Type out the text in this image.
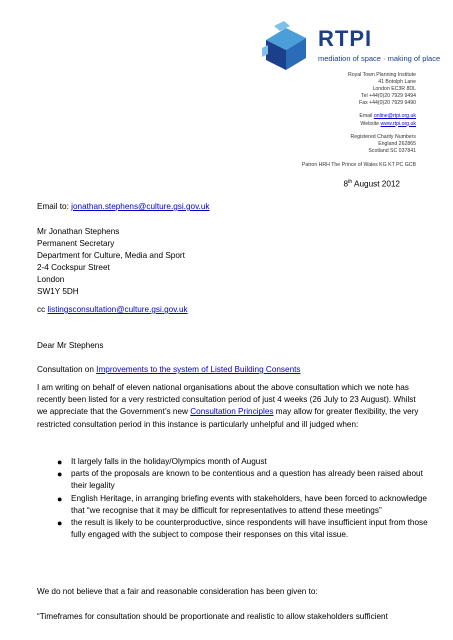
RTPI
mediation of space · making of place
Royal Town Planning Institute
41 Botolph Lane
London EC3R 8DL
Tel +44(0)20 7929 9494
Fax +44(0)20 7929 9490
Email online@rtpi.org.uk
Website www.rtpi.org.uk
Registered Charity Numbers
England 262865
Scotland SC 037841
Patron HRH The Prince of Wales KG KT PC GCB
8th August 2012
Email to: jonathan.stephens@culture.gsi.gov.uk
Mr Jonathan Stephens
Permanent Secretary
Department for Culture, Media and Sport
2-4 Cockspur Street
London
SW1Y 5DH
cc listingsconsultation@culture.gsi.gov.uk
Dear Mr Stephens
Consultation on Improvements to the system of Listed Building Consents
I am writing on behalf of eleven national organisations about the above consultation which we note has recently been listed for a very restricted consultation period of just 4 weeks (26 July to 23 August). Whilst we appreciate that the Government’s new Consultation Principles may allow for greater flexibility, the very restricted consultation period in this instance is particularly unhelpful and ill judged when:
● It largely falls in the holiday/Olympics month of August
● parts of the proposals are known to be contentious and a question has already been raised about their legality
● English Heritage, in arranging briefing events with stakeholders, have been forced to acknowledge that “we recognise that it may be difficult for representatives to attend these meetings”
● the result is likely to be counterproductive, since respondents will have insufficient input from those fully engaged with the subject to compose their responses on this vital issue.
We do not believe that a fair and reasonable consideration has been given to:
“Timeframes for consultation should be proportionate and realistic to allow stakeholders sufficient
